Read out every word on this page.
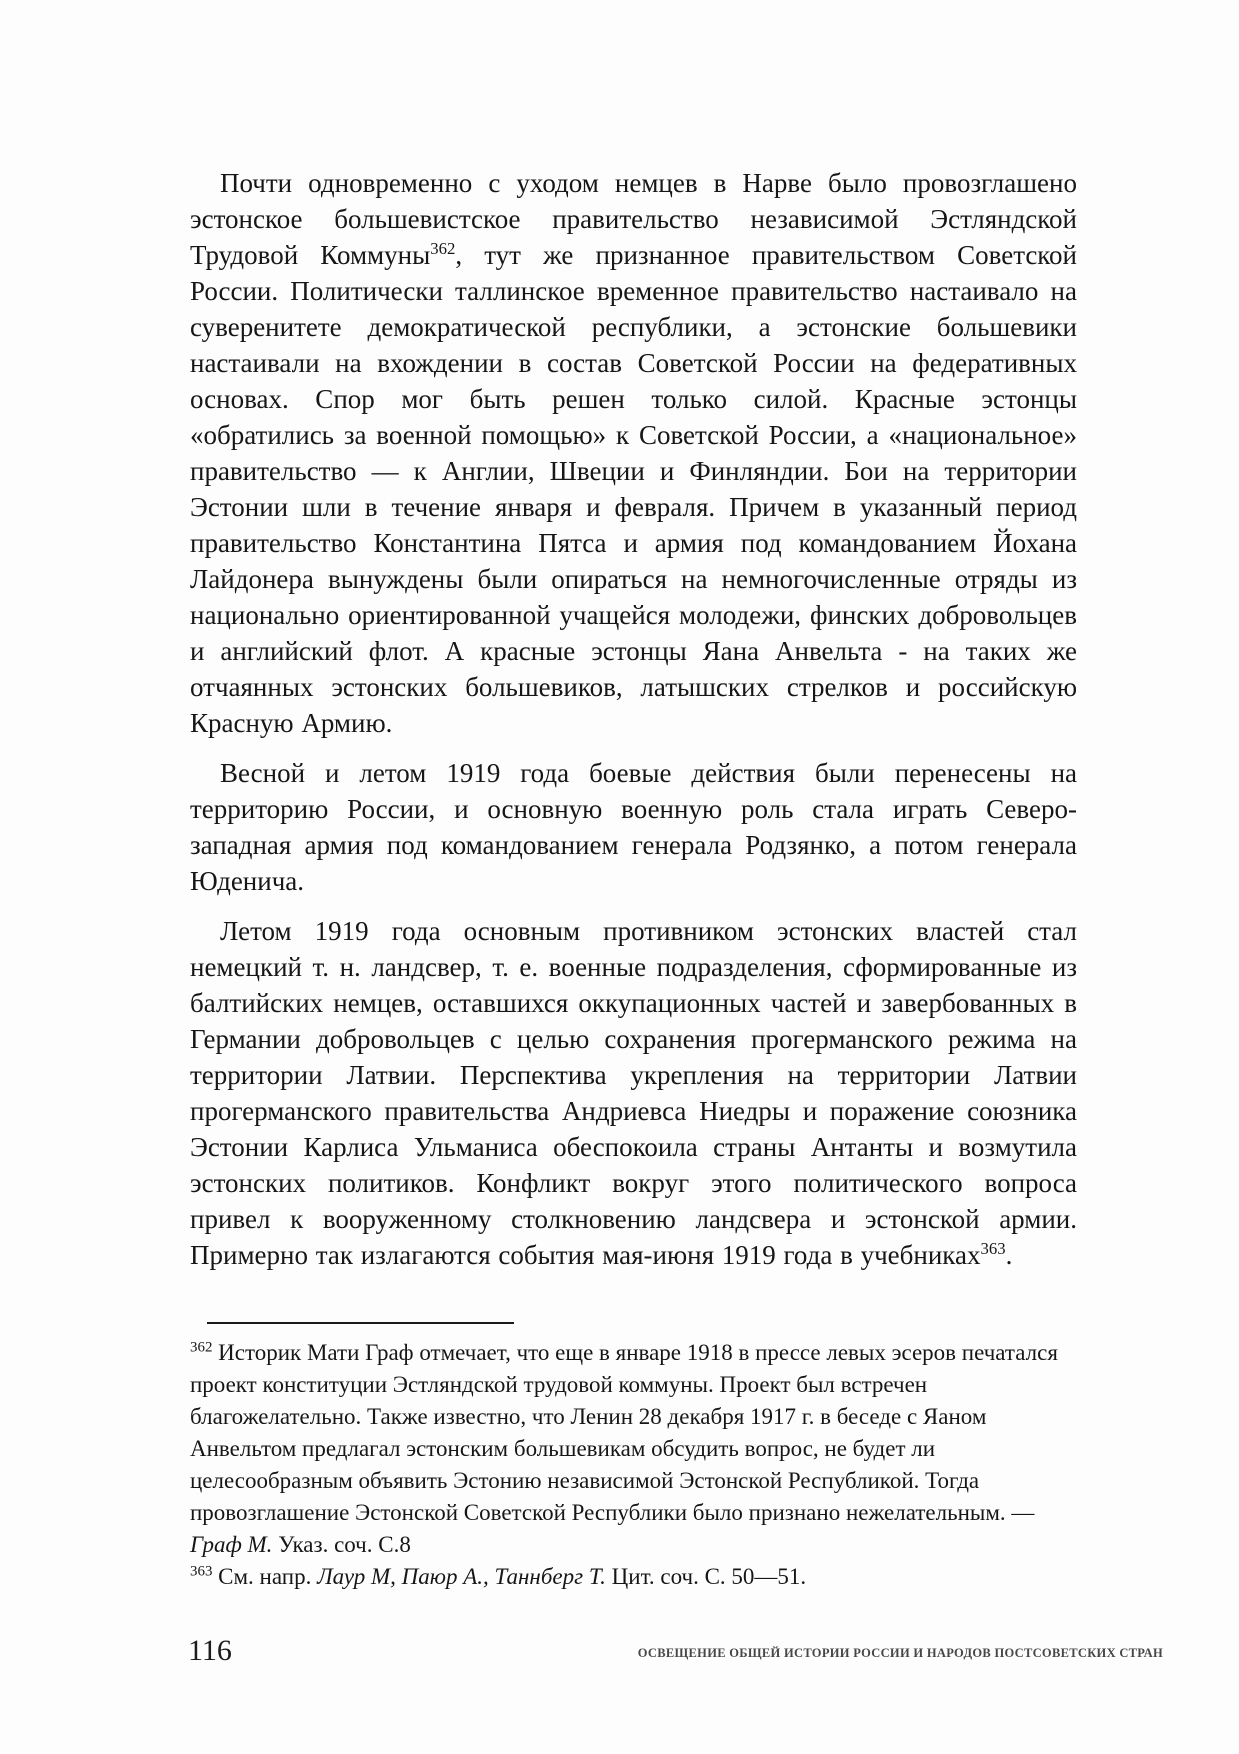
Почти одновременно с уходом немцев в Нарве было провозглашено эстонское большевистское правительство независимой Эстляндской Трудовой Коммуны$^{362}$, тут же признанное правительством Советской России. Политически таллинское временное правительство настаивало на суверенитете демократической республики, а эстонские большевики настаивали на вхождении в состав Советской России на федеративных основах. Спор мог быть решен только силой. Красные эстонцы «обратились за военной помощью» к Советской России, а «национальное» правительство — к Англии, Швеции и Финляндии. Бои на территории Эстонии шли в течение января и февраля. Причем в указанный период правительство Константина Пятса и армия под командованием Йохана Лайдонера вынуждены были опираться на немногочисленные отряды из национально ориентированной учащейся молодежи, финских добровольцев и английский флот. А красные эстонцы Яана Анвельта - на таких же отчаянных эстонских большевиков, латышских стрелков и российскую Красную Армию.

Весной и летом 1919 года боевые действия были перенесены на территорию России, и основную военную роль стала играть Северо-западная армия под командованием генерала Родзянко, а потом генерала Юденича.

Летом 1919 года основным противником эстонских властей стал немецкий т. н. ландсвер, т. е. военные подразделения, сформированные из балтийских немцев, оставшихся оккупационных частей и завербованных в Германии добровольцев с целью сохранения прогерманского режима на территории Латвии. Перспектива укрепления на территории Латвии прогерманского правительства Андриевса Ниедры и поражение союзника Эстонии Карлиса Ульманиса обеспокоила страны Антанты и возмутила эстонских политиков. Конфликт вокруг этого политического вопроса привел к вооруженному столкновению ландсвера и эстонской армии. Примерно так излагаются события мая-июня 1919 года в учебниках$^{363}$.

$^{362}$ Историк Мати Граф отмечает, что еще в январе 1918 в прессе левых эсеров печатался проект конституции Эстляндской трудовой коммуны. Проект был встречен благожелательно. Также известно, что Ленин 28 декабря 1917 г. в беседе с Яаном Анвельтом предлагал эстонским большевикам обсудить вопрос, не будет ли целесообразным объявить Эстонию независимой Эстонской Республикой. Тогда провозглашение Эстонской Советской Республики было признано нежелательным. — Граф М. Указ. соч. С.8

$^{363}$ См. напр. Лаур М, Паюр А., Таннберг Т. Цит. соч. С. 50—51.

116	ОСВЕЩЕНИЕ ОБЩЕЙ ИСТОРИИ РОССИИ И НАРОДОВ ПОСТСОВЕТСКИХ СТРАН
